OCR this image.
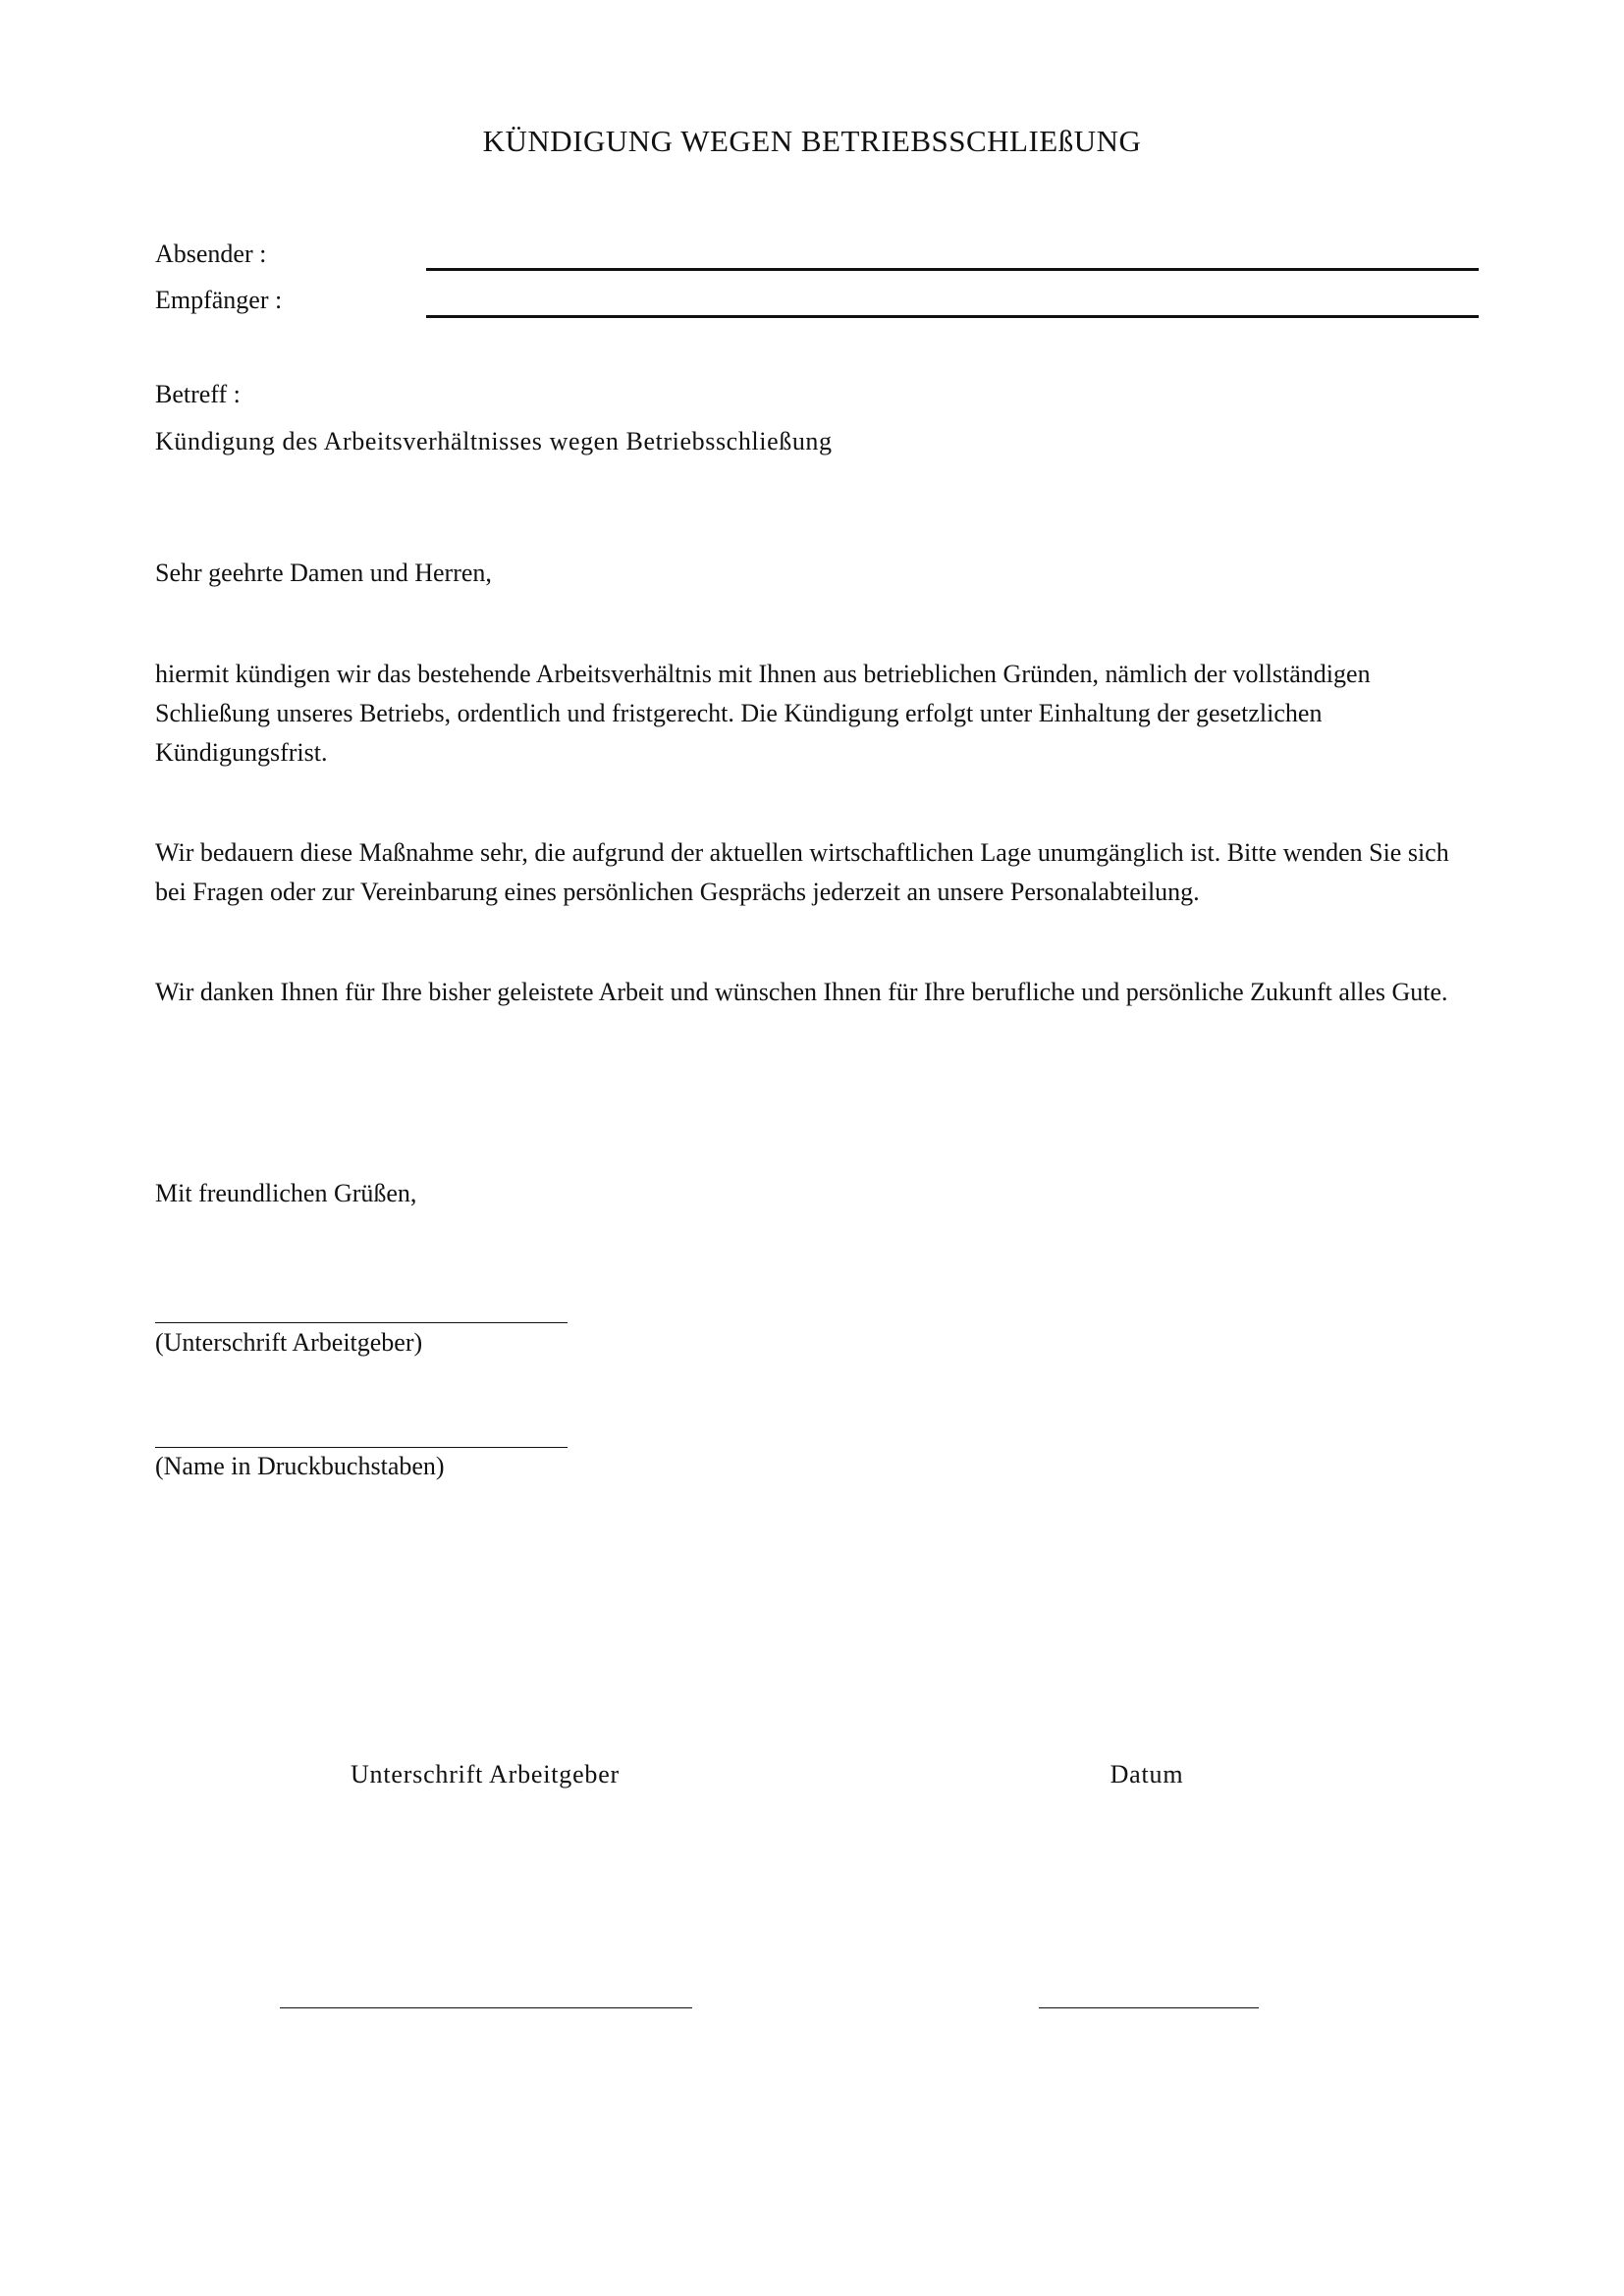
KÜNDIGUNG WEGEN BETRIEBSSCHLIEßUNG
Absender :
Empfänger :
Betreff :
Kündigung des Arbeitsverhältnisses wegen Betriebsschließung
Sehr geehrte Damen und Herren,

hiermit kündigen wir das bestehende Arbeitsverhältnis mit Ihnen aus betrieblichen Gründen, nämlich der vollständigen Schließung unseres Betriebs, ordentlich und fristgerecht. Die Kündigung erfolgt unter Einhaltung der gesetzlichen Kündigungsfrist.

Wir bedauern diese Maßnahme sehr, die aufgrund der aktuellen wirtschaftlichen Lage unumgänglich ist. Bitte wenden Sie sich bei Fragen oder zur Vereinbarung eines persönlichen Gesprächs jederzeit an unsere Personalabteilung.

Wir danken Ihnen für Ihre bisher geleistete Arbeit und wünschen Ihnen für Ihre berufliche und persönliche Zukunft alles Gute.

Mit freundlichen Grüßen,
(Unterschrift Arbeitgeber)
(Name in Druckbuchstaben)
Unterschrift Arbeitgeber	Datum
